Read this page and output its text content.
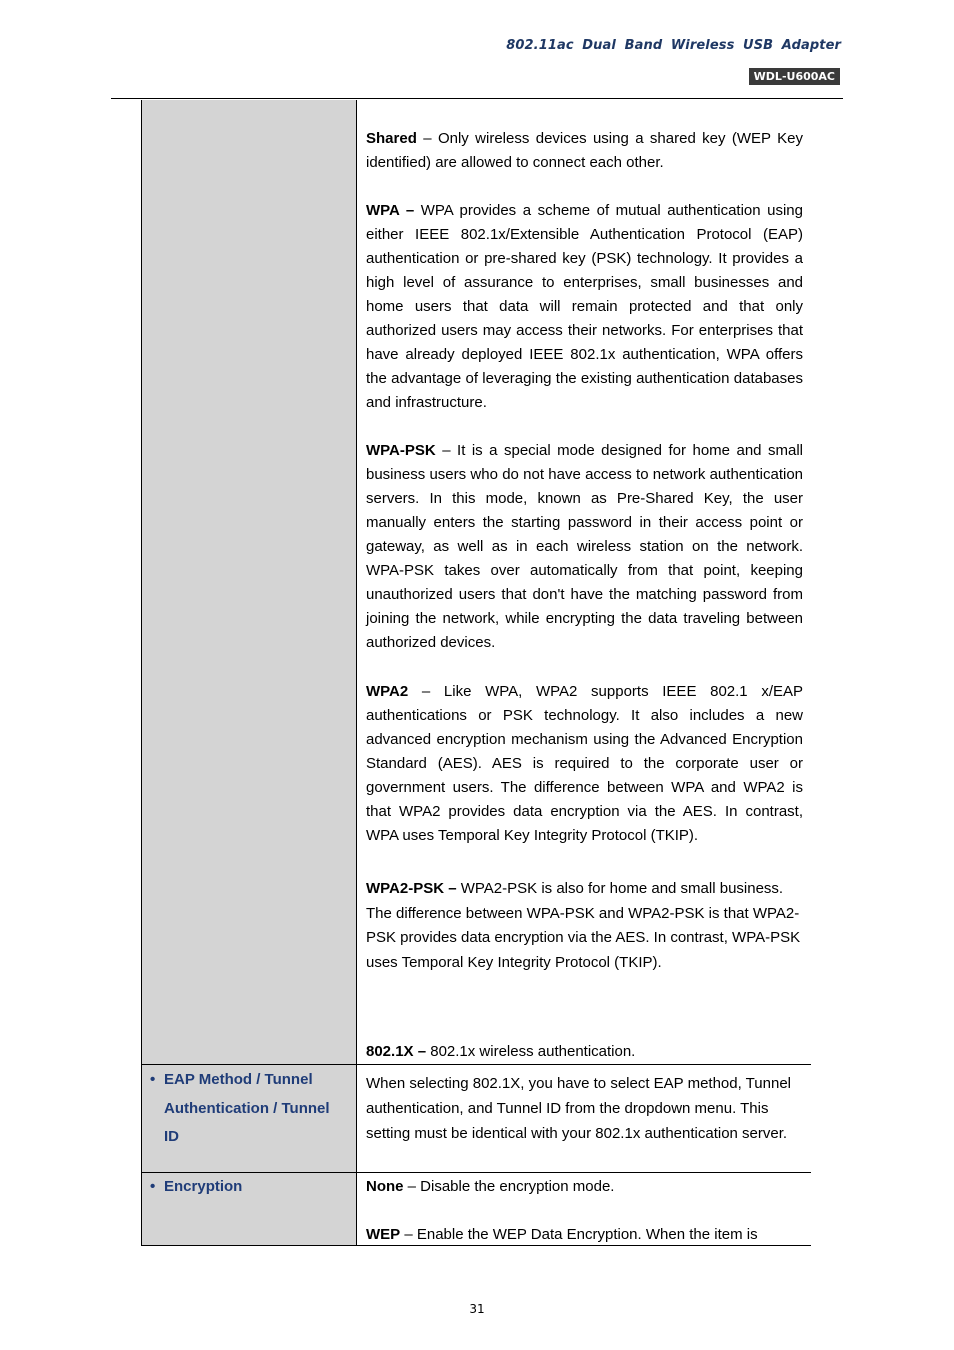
802.11ac Dual Band Wireless USB Adapter
WDL-U600AC

Shared – Only wireless devices using a shared key (WEP Key identified) are allowed to connect each other.

WPA – WPA provides a scheme of mutual authentication using either IEEE 802.1x/Extensible Authentication Protocol (EAP) authentication or pre-shared key (PSK) technology. It provides a high level of assurance to enterprises, small businesses and home users that data will remain protected and that only authorized users may access their networks. For enterprises that have already deployed IEEE 802.1x authentication, WPA offers the advantage of leveraging the existing authentication databases and infrastructure.

WPA-PSK – It is a special mode designed for home and small business users who do not have access to network authentication servers. In this mode, known as Pre-Shared Key, the user manually enters the starting password in their access point or gateway, as well as in each wireless station on the network. WPA-PSK takes over automatically from that point, keeping unauthorized users that don't have the matching password from joining the network, while encrypting the data traveling between authorized devices.

WPA2 – Like WPA, WPA2 supports IEEE 802.1 x/EAP authentications or PSK technology. It also includes a new advanced encryption mechanism using the Advanced Encryption Standard (AES). AES is required to the corporate user or government users. The difference between WPA and WPA2 is that WPA2 provides data encryption via the AES. In contrast, WPA uses Temporal Key Integrity Protocol (TKIP).

WPA2-PSK – WPA2-PSK is also for home and small business. The difference between WPA-PSK and WPA2-PSK is that WPA2-PSK provides data encryption via the AES. In contrast, WPA-PSK uses Temporal Key Integrity Protocol (TKIP).

802.1X – 802.1x wireless authentication.

• EAP Method / Tunnel
Authentication / Tunnel
ID

When selecting 802.1X, you have to select EAP method, Tunnel authentication, and Tunnel ID from the dropdown menu. This setting must be identical with your 802.1x authentication server.

• Encryption	None – Disable the encryption mode.

WEP – Enable the WEP Data Encryption. When the item is

31
